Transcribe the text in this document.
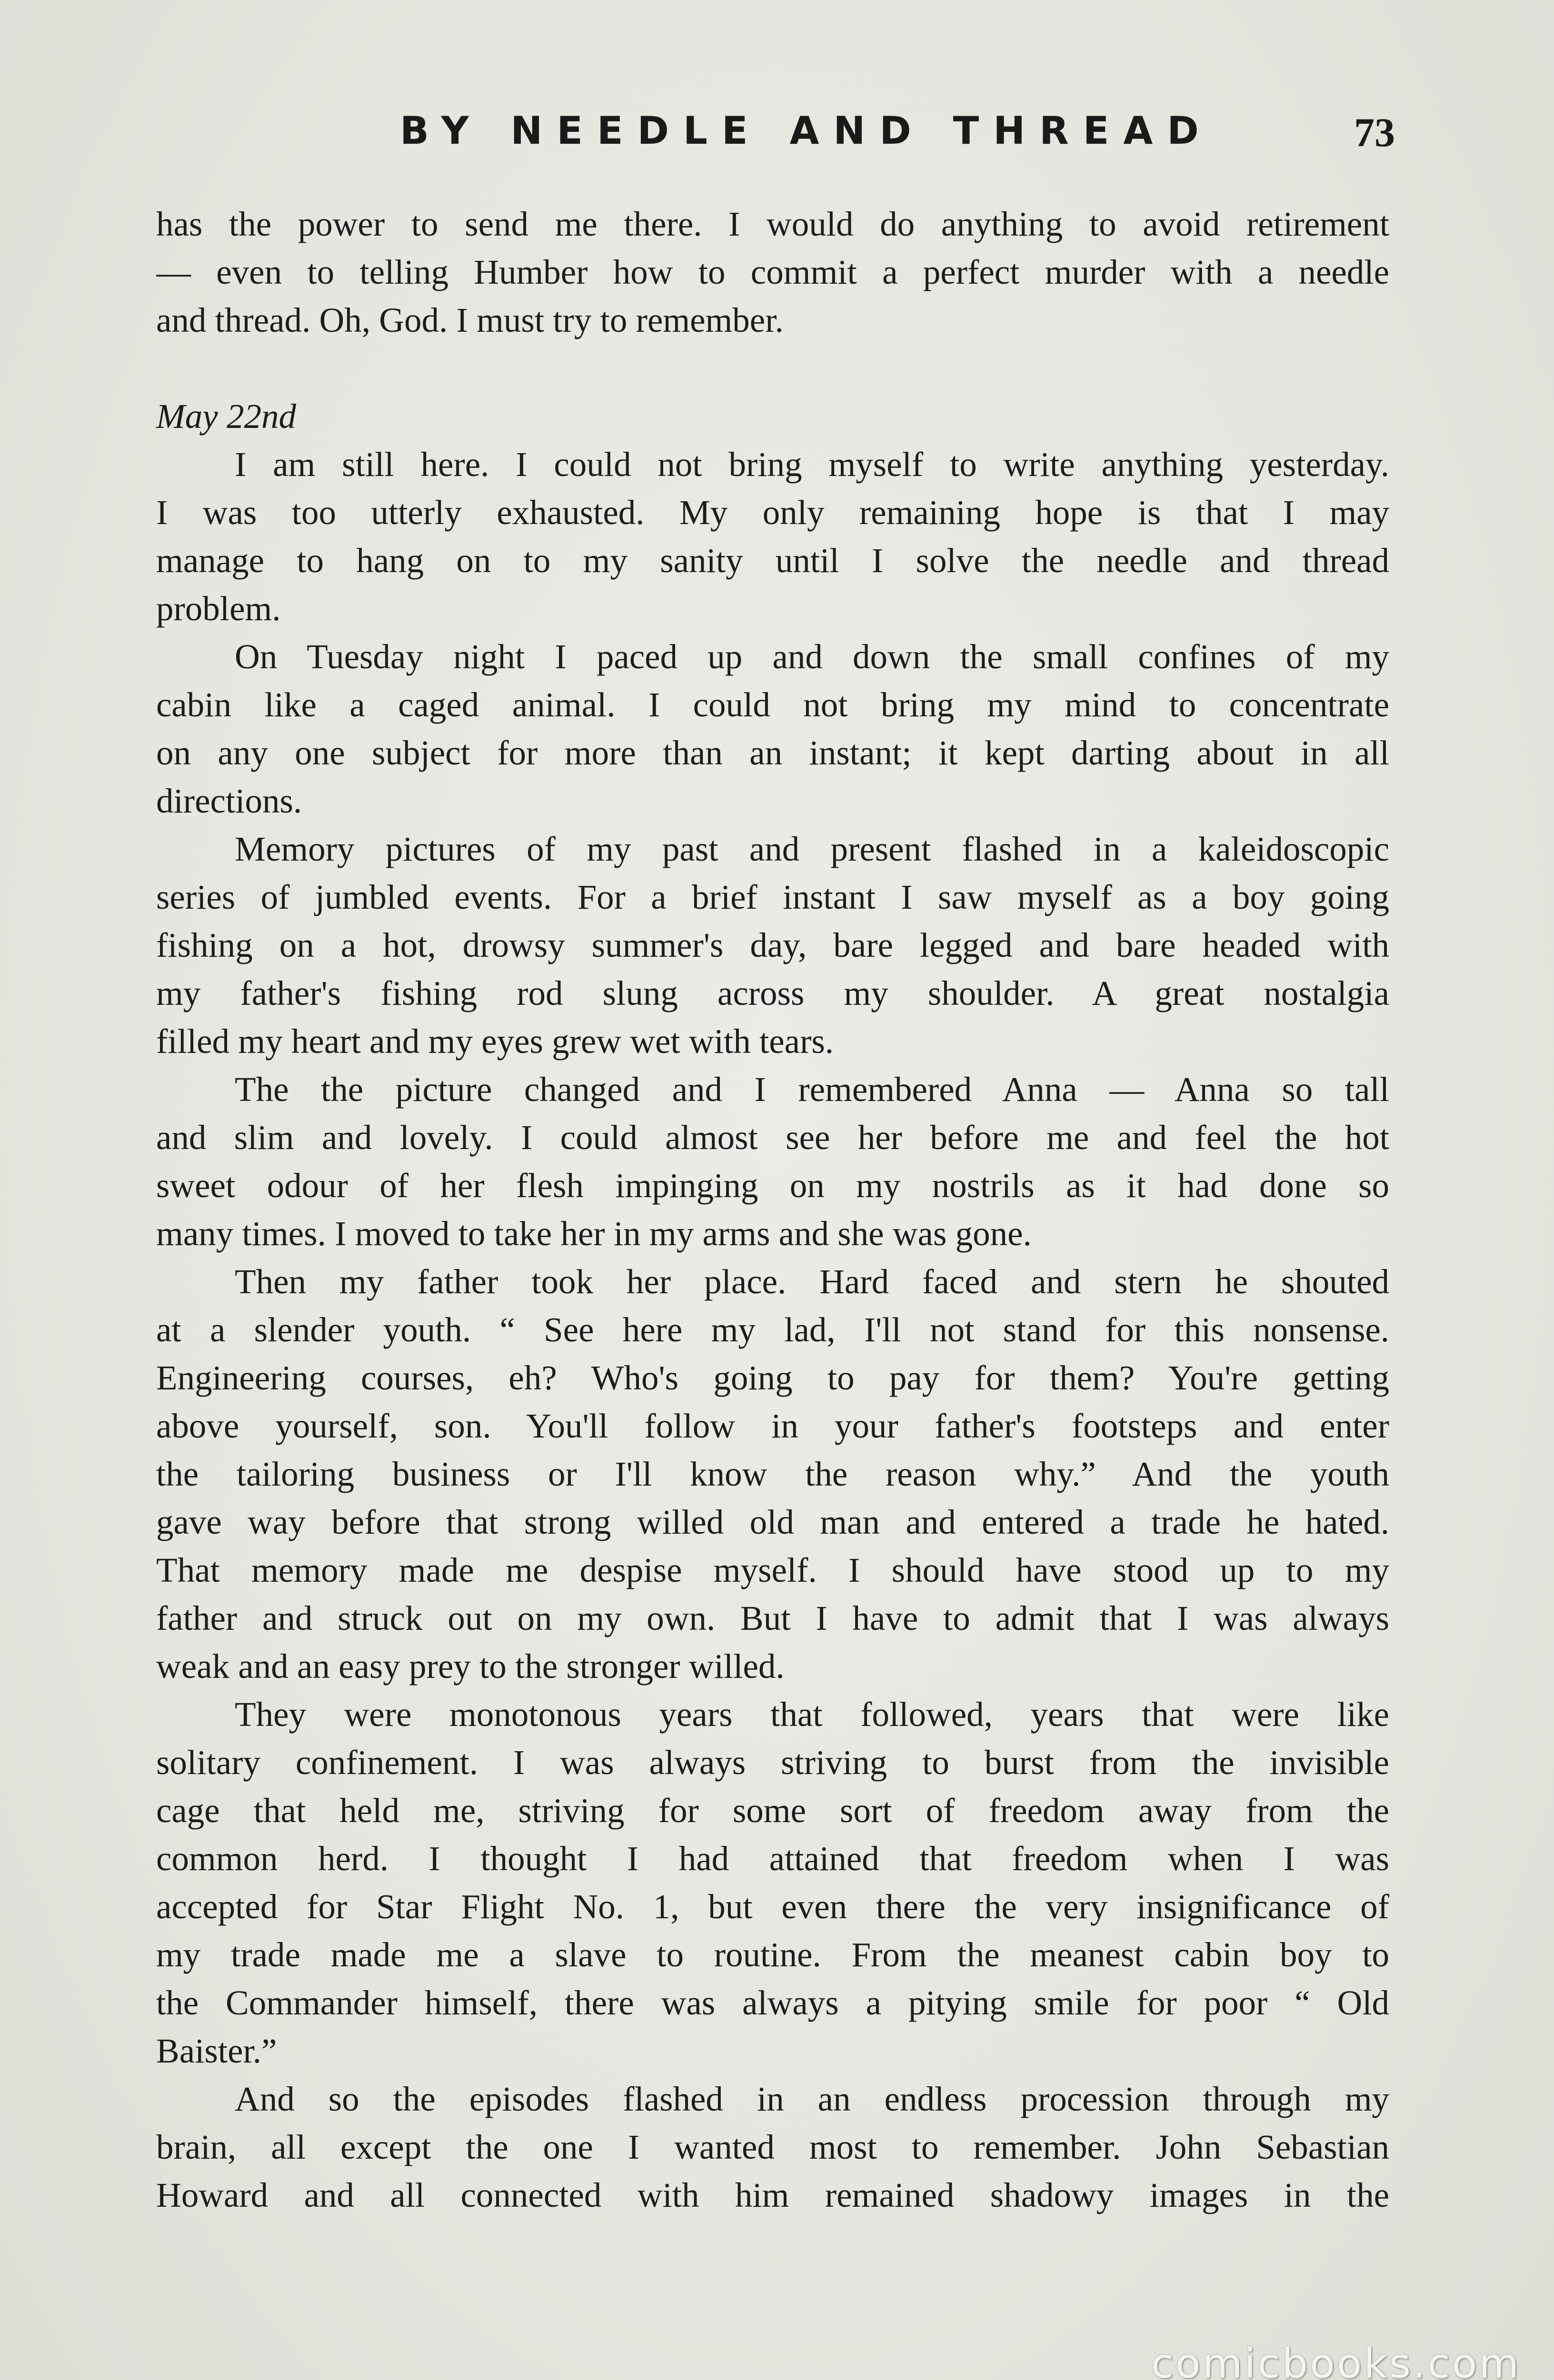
BY NEEDLE AND THREAD	73
has the power to send me there. I would do anything to avoid retirement
— even to telling Humber how to commit a perfect murder with a needle
and thread. Oh, God. I must try to remember.
May 22nd
I am still here. I could not bring myself to write anything yesterday.
I was too utterly exhausted. My only remaining hope is that I may
manage to hang on to my sanity until I solve the needle and thread
problem.
On Tuesday night I paced up and down the small confines of my
cabin like a caged animal. I could not bring my mind to concentrate
on any one subject for more than an instant; it kept darting about in all
directions.
Memory pictures of my past and present flashed in a kaleidoscopic
series of jumbled events. For a brief instant I saw myself as a boy going
fishing on a hot, drowsy summer's day, bare legged and bare headed with
my father's fishing rod slung across my shoulder. A great nostalgia
filled my heart and my eyes grew wet with tears.
The the picture changed and I remembered Anna — Anna so tall
and slim and lovely. I could almost see her before me and feel the hot
sweet odour of her flesh impinging on my nostrils as it had done so
many times. I moved to take her in my arms and she was gone.
Then my father took her place. Hard faced and stern he shouted
at a slender youth. “ See here my lad, I'll not stand for this nonsense.
Engineering courses, eh? Who's going to pay for them? You're getting
above yourself, son. You'll follow in your father's footsteps and enter
the tailoring business or I'll know the reason why.” And the youth
gave way before that strong willed old man and entered a trade he hated.
That memory made me despise myself. I should have stood up to my
father and struck out on my own. But I have to admit that I was always
weak and an easy prey to the stronger willed.
They were monotonous years that followed, years that were like
solitary confinement. I was always striving to burst from the invisible
cage that held me, striving for some sort of freedom away from the
common herd. I thought I had attained that freedom when I was
accepted for Star Flight No. 1, but even there the very insignificance of
my trade made me a slave to routine. From the meanest cabin boy to
the Commander himself, there was always a pitying smile for poor “ Old
Baister.”
And so the episodes flashed in an endless procession through my
brain, all except the one I wanted most to remember. John Sebastian
Howard and all connected with him remained shadowy images in the
comicbooks.com
